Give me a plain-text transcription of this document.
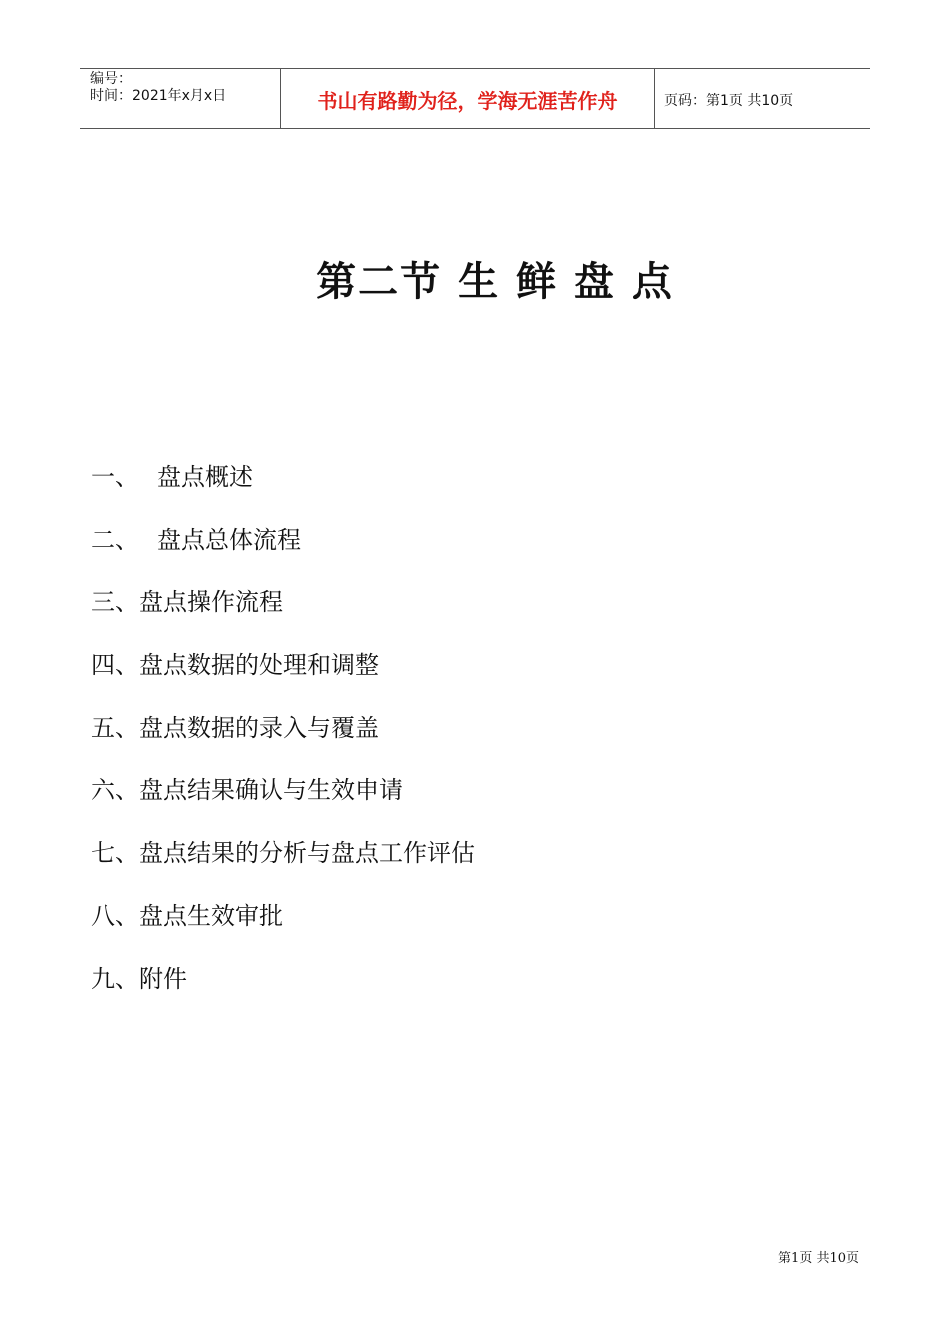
编号：
时间：2021年x月x日	书山有路勤为径，学海无涯苦作舟	页码：第1页 共10页
第二节 生 鲜 盘 点
一、 盘点概述
二、 盘点总体流程
三、盘点操作流程
四、盘点数据的处理和调整
五、盘点数据的录入与覆盖
六、盘点结果确认与生效申请
七、盘点结果的分析与盘点工作评估
八、盘点生效审批
九、附件
第1页 共10页
